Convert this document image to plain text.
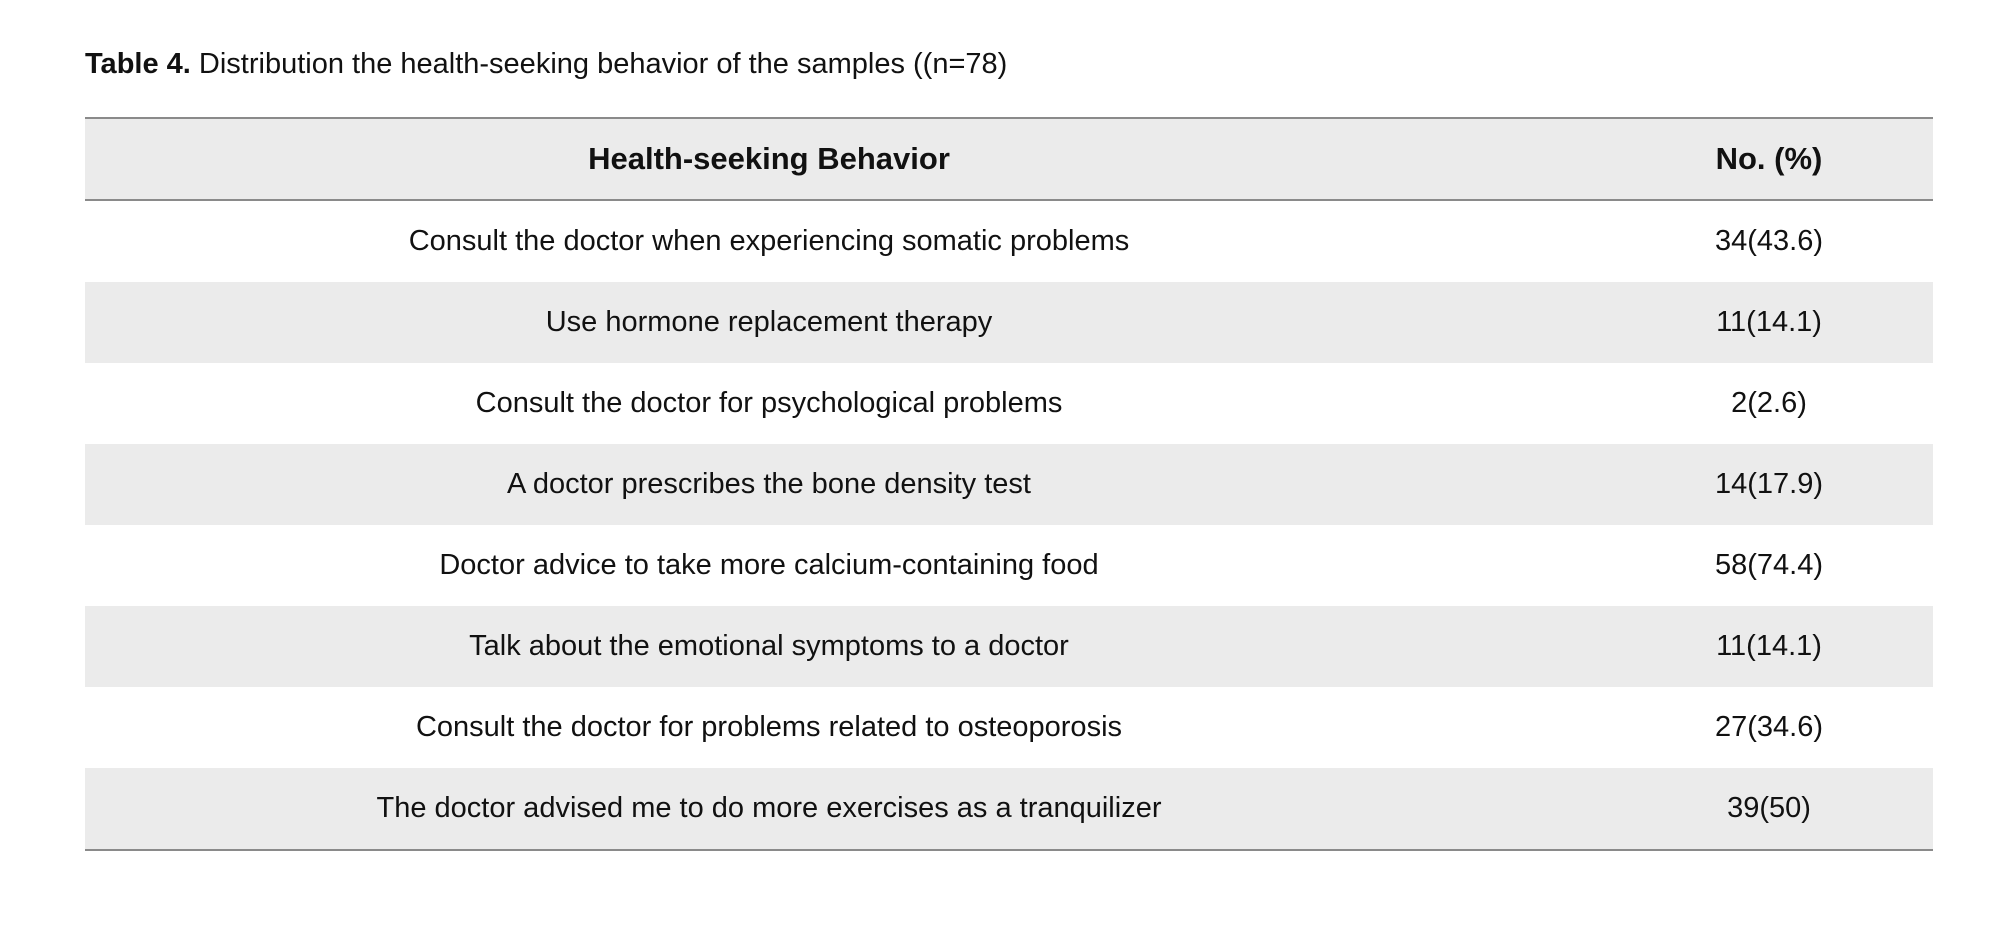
Table 4. Distribution the health-seeking behavior of the samples ((n=78)
Health-seeking Behavior	No. (%)
Consult the doctor when experiencing somatic problems	34(43.6)
Use hormone replacement therapy	11(14.1)
Consult the doctor for psychological problems	2(2.6)
A doctor prescribes the bone density test	14(17.9)
Doctor advice to take more calcium-containing food	58(74.4)
Talk about the emotional symptoms to a doctor	11(14.1)
Consult the doctor for problems related to osteoporosis	27(34.6)
The doctor advised me to do more exercises as a tranquilizer	39(50)
